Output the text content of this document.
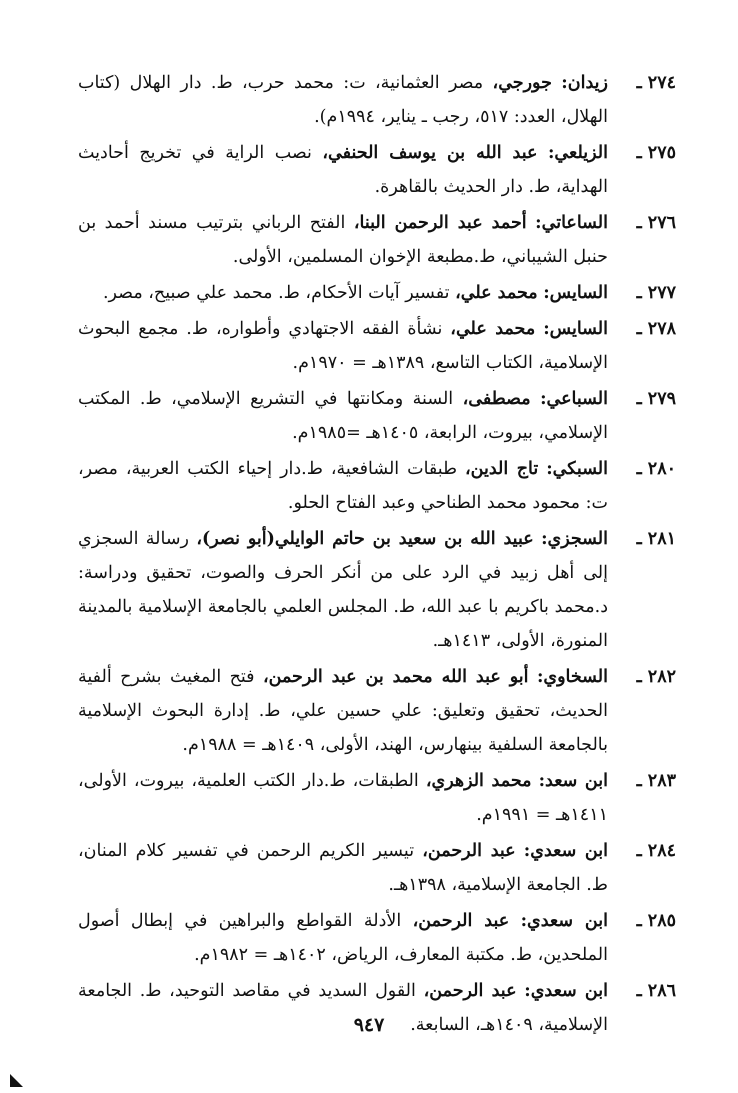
٢٧٤ ـ
زيدان: جورجي، مصر العثمانية، ت: محمد حرب، ط. دار الهلال (كتاب الهلال، العدد: ٥١٧، رجب ـ يناير، ١٩٩٤م).
٢٧٥ ـ
الزيلعي: عبد الله بن يوسف الحنفي، نصب الراية في تخريج أحاديث الهداية، ط. دار الحديث بالقاهرة.
٢٧٦ ـ
الساعاتي: أحمد عبد الرحمن البنا، الفتح الرباني بترتيب مسند أحمد بن حنبل الشيباني، ط.مطبعة الإخوان المسلمين، الأولى.
٢٧٧ ـ
السايس: محمد علي، تفسير آيات الأحكام، ط. محمد علي صبيح، مصر.
٢٧٨ ـ
السايس: محمد علي، نشأة الفقه الاجتهادي وأطواره، ط. مجمع البحوث الإسلامية، الكتاب التاسع، ١٣٨٩هـ = ١٩٧٠م.
٢٧٩ ـ
السباعي: مصطفى، السنة ومكانتها في التشريع الإسلامي، ط. المكتب الإسلامي، بيروت، الرابعة، ١٤٠٥هـ =١٩٨٥م.
٢٨٠ ـ
السبكي: تاج الدين، طبقات الشافعية، ط.دار إحياء الكتب العربية، مصر، ت: محمود محمد الطناحي وعبد الفتاح الحلو.
٢٨١ ـ
السجزي: عبيد الله بن سعيد بن حاتم الوايلي(أبو نصر)، رسالة السجزي إلى أهل زبيد في الرد على من أنكر الحرف والصوت، تحقيق ودراسة: د.محمد باكريم با عبد الله، ط. المجلس العلمي بالجامعة الإسلامية بالمدينة المنورة، الأولى، ١٤١٣هـ.
٢٨٢ ـ
السخاوي: أبو عبد الله محمد بن عبد الرحمن، فتح المغيث بشرح ألفية الحديث، تحقيق وتعليق: علي حسين علي، ط. إدارة البحوث الإسلامية بالجامعة السلفية بينهارس، الهند، الأولى، ١٤٠٩هـ = ١٩٨٨م.
٢٨٣ ـ
ابن سعد: محمد الزهري، الطبقات، ط.دار الكتب العلمية، بيروت، الأولى، ١٤١١هـ = ١٩٩١م.
٢٨٤ ـ
ابن سعدي: عبد الرحمن، تيسير الكريم الرحمن في تفسير كلام المنان، ط. الجامعة الإسلامية، ١٣٩٨هـ.
٢٨٥ ـ
ابن سعدي: عبد الرحمن، الأدلة القواطع والبراهين في إبطال أصول الملحدين، ط. مكتبة المعارف، الرياض، ١٤٠٢هـ = ١٩٨٢م.
٢٨٦ ـ
ابن سعدي: عبد الرحمن، القول السديد في مقاصد التوحيد، ط. الجامعة الإسلامية، ١٤٠٩هـ، السابعة.
٩٤٧
